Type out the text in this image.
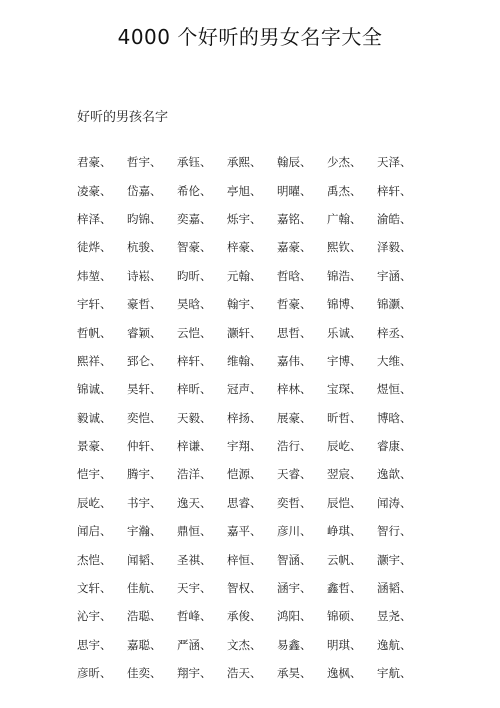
4000 个好听的男女名字大全
好听的男孩名字
君豪、	哲宇、	承钰、	承熙、	翰辰、	少杰、	天泽、
凌豪、	岱嘉、	希伦、	亭旭、	明曜、	禹杰、	梓轩、
梓泽、	昀锦、	奕嘉、	烁宇、	嘉铭、	广翰、	渝皓、
徒烨、	杭骏、	智豪、	梓豪、	嘉豪、	熙钦、	泽毅、
炜堃、	诗崧、	昀昕、	元翰、	哲晗、	锦浩、	宇涵、
宇轩、	豪哲、	昊晗、	翰宇、	哲豪、	锦博、	锦灏、
哲帆、	睿颖、	云恺、	灏轩、	思哲、	乐诚、	梓丞、
熙祥、	郅仑、	梓轩、	维翰、	嘉伟、	宇博、	大维、
锦诚、	昊轩、	梓昕、	冠声、	梓林、	宝琛、	煜恒、
毅诚、	奕恺、	天毅、	梓扬、	展豪、	昕哲、	博晗、
景豪、	仲轩、	梓谦、	宇翔、	浩行、	辰屹、	睿康、
恺宇、	腾宇、	浩洋、	恺源、	天睿、	翌宸、	逸歆、
辰屹、	书宇、	逸天、	思睿、	奕哲、	辰恺、	闻涛、
闻启、	宇瀚、	鼎恒、	嘉平、	彦川、	峥琪、	智行、
杰恺、	闻韬、	圣祺、	梓恒、	智涵、	云帆、	灏宇、
文轩、	佳航、	天宇、	智权、	涵宇、	鑫哲、	涵韬、
沁宇、	浩聪、	哲峰、	承俊、	鸿阳、	锦硕、	昱尧、
思宇、	嘉聪、	严涵、	文杰、	易鑫、	明琪、	逸航、
彦昕、	佳奕、	翔宇、	浩天、	承昊、	逸枫、	宇航、
